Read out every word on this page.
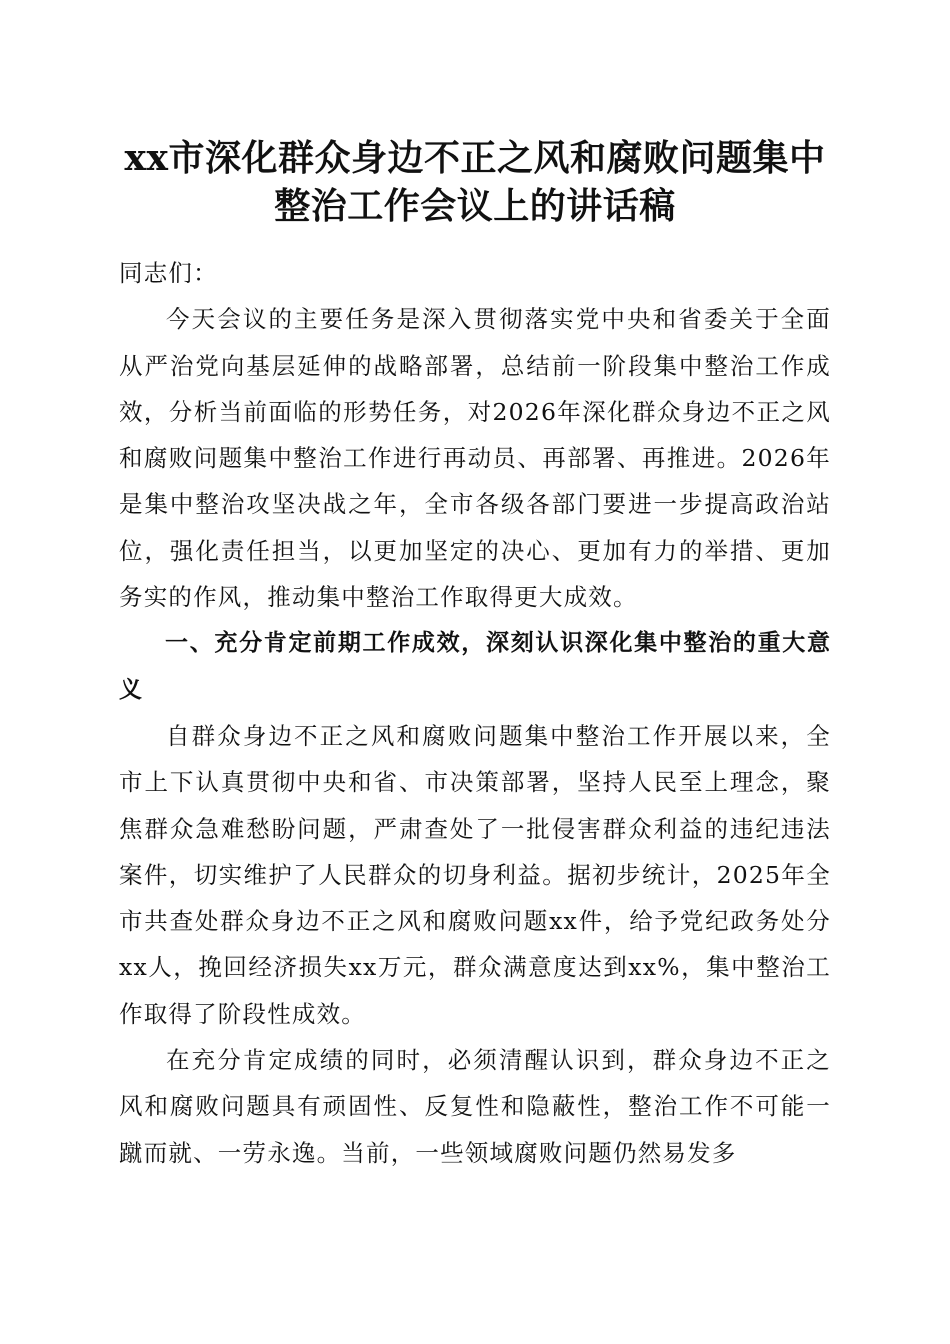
xx市深化群众身边不正之风和腐败问题集中
整治工作会议上的讲话稿

同志们：

今天会议的主要任务是深入贯彻落实党中央和省委关于全面从严治党向基层延伸的战略部署，总结前一阶段集中整治工作成效，分析当前面临的形势任务，对2026年深化群众身边不正之风和腐败问题集中整治工作进行再动员、再部署、再推进。2026年是集中整治攻坚决战之年，全市各级各部门要进一步提高政治站位，强化责任担当，以更加坚定的决心、更加有力的举措、更加务实的作风，推动集中整治工作取得更大成效。

一、充分肯定前期工作成效，深刻认识深化集中整治的重大意义

自群众身边不正之风和腐败问题集中整治工作开展以来，全市上下认真贯彻中央和省、市决策部署，坚持人民至上理念，聚焦群众急难愁盼问题，严肃查处了一批侵害群众利益的违纪违法案件，切实维护了人民群众的切身利益。据初步统计，2025年全市共查处群众身边不正之风和腐败问题xx件，给予党纪政务处分xx人，挽回经济损失xx万元，群众满意度达到xx%，集中整治工作取得了阶段性成效。

在充分肯定成绩的同时，必须清醒认识到，群众身边不正之风和腐败问题具有顽固性、反复性和隐蔽性，整治工作不可能一蹴而就、一劳永逸。当前，一些领域腐败问题仍然易发多
